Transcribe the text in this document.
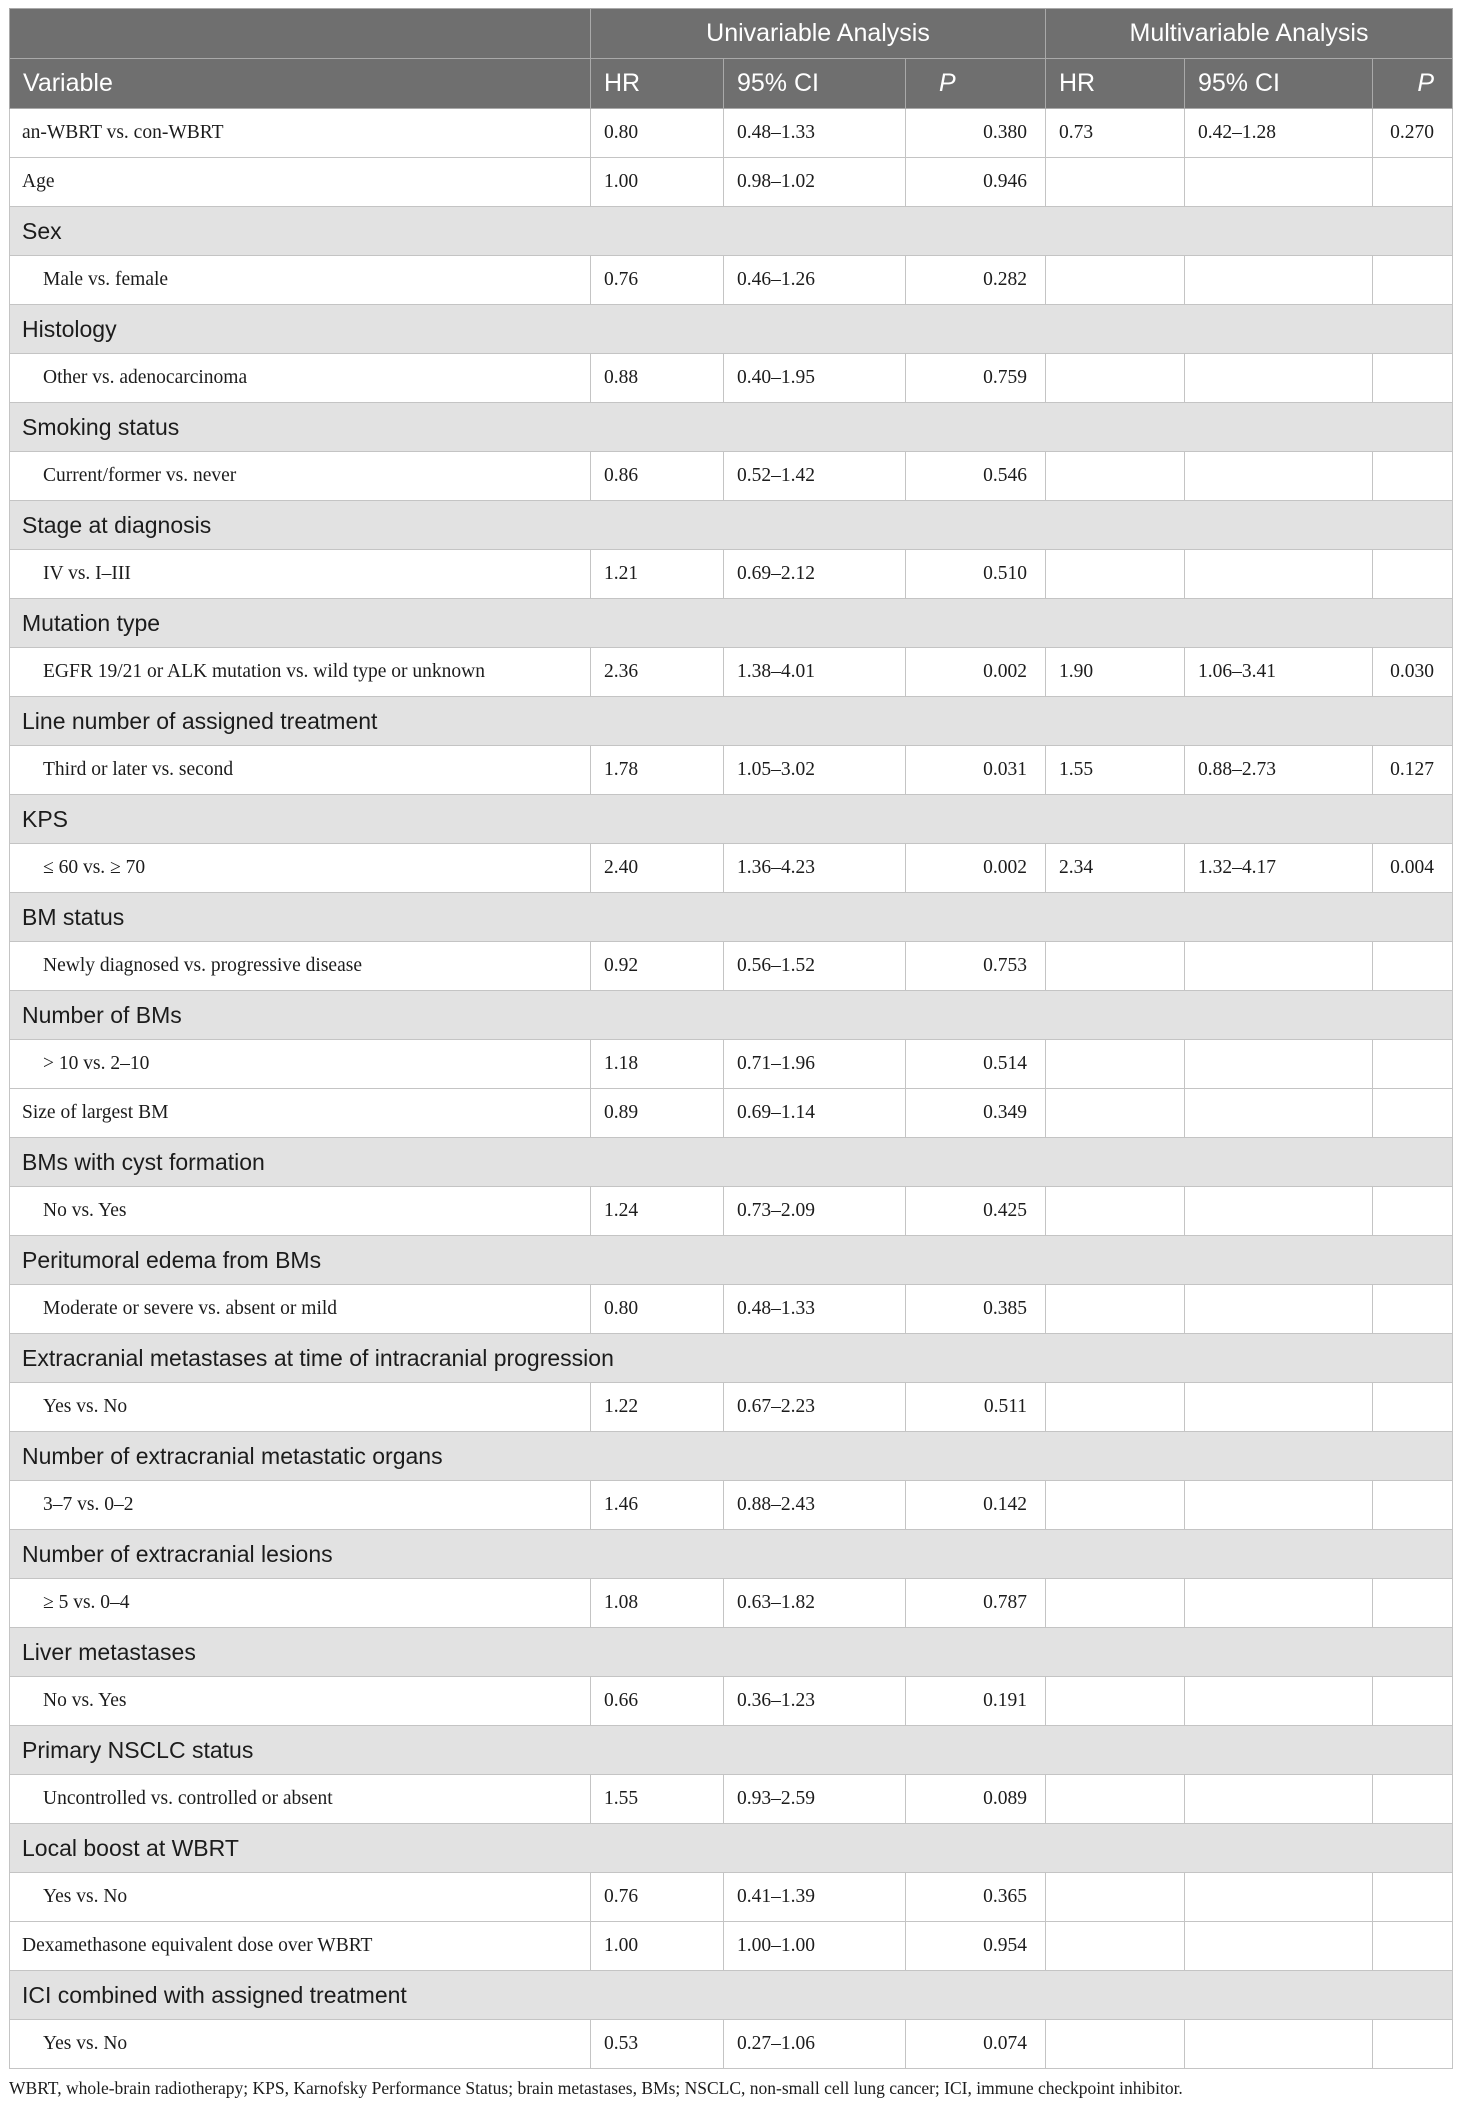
	Univariable Analysis			Multivariable Analysis		
Variable	HR	95% CI	P	HR	95% CI	P
an-WBRT vs. con-WBRT	0.80	0.48–1.33	0.380	0.73	0.42–1.28	0.270
Age	1.00	0.98–1.02	0.946			
Sex						
Male vs. female	0.76	0.46–1.26	0.282			
Histology						
Other vs. adenocarcinoma	0.88	0.40–1.95	0.759			
Smoking status						
Current/former vs. never	0.86	0.52–1.42	0.546			
Stage at diagnosis						
IV vs. I–III	1.21	0.69–2.12	0.510			
Mutation type						
EGFR 19/21 or ALK mutation vs. wild type or unknown	2.36	1.38–4.01	0.002	1.90	1.06–3.41	0.030
Line number of assigned treatment						
Third or later vs. second	1.78	1.05–3.02	0.031	1.55	0.88–2.73	0.127
KPS						
≤ 60 vs. ≥ 70	2.40	1.36–4.23	0.002	2.34	1.32–4.17	0.004
BM status						
Newly diagnosed vs. progressive disease	0.92	0.56–1.52	0.753			
Number of BMs						
> 10 vs. 2–10	1.18	0.71–1.96	0.514			
Size of largest BM	0.89	0.69–1.14	0.349			
BMs with cyst formation						
No vs. Yes	1.24	0.73–2.09	0.425			
Peritumoral edema from BMs						
Moderate or severe vs. absent or mild	0.80	0.48–1.33	0.385			
Extracranial metastases at time of intracranial progression						
Yes vs. No	1.22	0.67–2.23	0.511			
Number of extracranial metastatic organs						
3–7 vs. 0–2	1.46	0.88–2.43	0.142			
Number of extracranial lesions						
≥ 5 vs. 0–4	1.08	0.63–1.82	0.787			
Liver metastases						
No vs. Yes	0.66	0.36–1.23	0.191			
Primary NSCLC status						
Uncontrolled vs. controlled or absent	1.55	0.93–2.59	0.089			
Local boost at WBRT						
Yes vs. No	0.76	0.41–1.39	0.365			
Dexamethasone equivalent dose over WBRT	1.00	1.00–1.00	0.954			
ICI combined with assigned treatment						
Yes vs. No	0.53	0.27–1.06	0.074			
WBRT, whole-brain radiotherapy; KPS, Karnofsky Performance Status; brain metastases, BMs; NSCLC, non-small cell lung cancer; ICI, immune checkpoint inhibitor.
